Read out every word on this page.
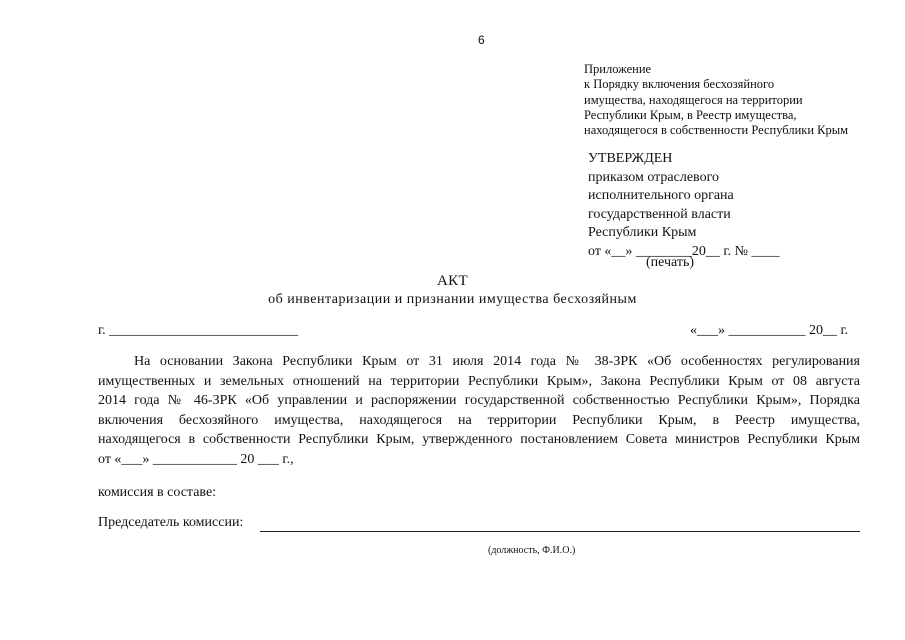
6
Приложение
к Порядку включения бесхозяйного
имущества, находящегося на территории
Республики Крым, в Реестр имущества,
находящегося в собственности Республики Крым
УТВЕРЖДЕН
приказом отраслевого
исполнительного органа
государственной власти
Республики Крым
от «__» ________20__ г. № ____
(печать)
АКТ
об инвентаризации и признании имущества бесхозяйным
г. ___________________________	«___» ___________ 20__ г.
На основании Закона Республики Крым от 31 июля 2014 года № 38-ЗРК «Об особенностях регулирования
имущественных и земельных отношений на территории Республики Крым», Закона Республики Крым от 08 августа
2014 года № 46-ЗРК «Об управлении и распоряжении государственной собственностью Республики Крым», Порядка
включения бесхозяйного имущества, находящегося на территории Республики Крым, в Реестр имущества,
находящегося в собственности Республики Крым, утвержденного постановлением Совета министров Республики Крым
от «___» ____________ 20 ___ г.,
комиссия в составе:
Председатель комиссии:
(должность, Ф.И.О.)
